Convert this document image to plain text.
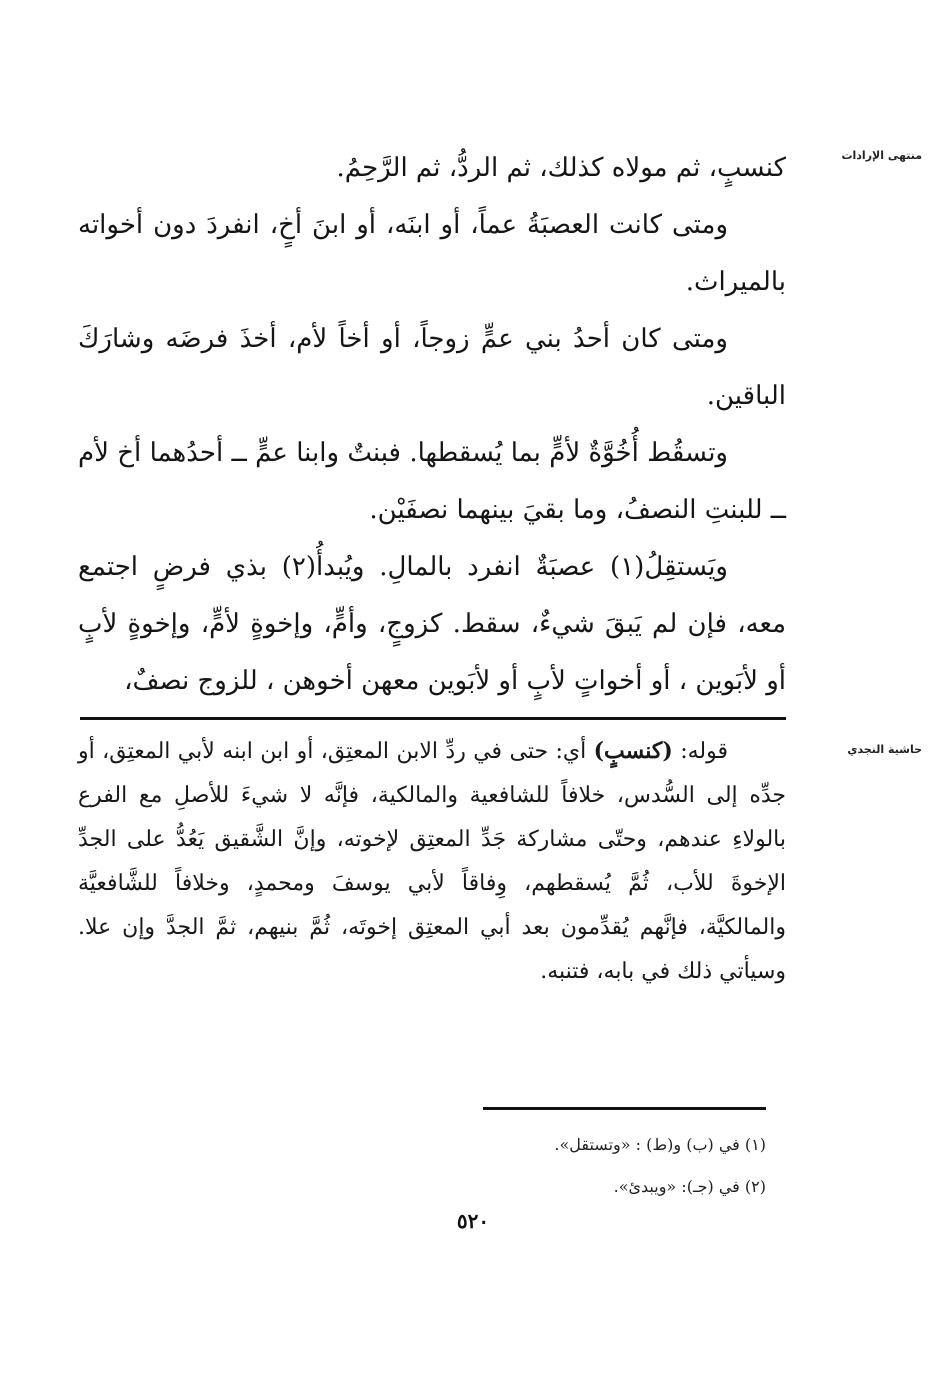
منتهى الإرادات
حاشية النجدي

كنسبٍ، ثم مولاه كذلك، ثم الردُّ، ثم الرَّحِمُ.

ومتى كانت العصبَةُ عماً، أو ابنَه، أو ابنَ أخٍ، انفردَ دون أخواته بالميراث.

ومتى كان أحدُ بني عمٍّ زوجاً، أو أخاً لأم، أخذَ فرضَه وشارَكَ الباقين.

وتسقُط أُخُوَّةٌ لأمٍّ بما يُسقطها. فبنتٌ وابنا عمٍّ ــ أحدُهما أخ لأم ــ للبنتِ النصفُ، وما بقيَ بينهما نصفَيْن.

ويَستقِلُ(١) عصبَةٌ انفرد بالمالِ. ويُبدأُ(٢) بذي فرضٍ اجتمع معه، فإن لم يَبقَ شيءٌ، سقط. كزوجٍ، وأمٍّ، وإخوةٍ لأمٍّ، وإخوةٍ لأبٍ أو لأبَوين ، أو أخواتٍ لأبٍ أو لأبَوين معهن أخوهن ، للزوج نصفٌ،

قوله: (كنسبٍ) أي: حتى في ردِّ الابن المعتِق، أو ابن ابنه لأبي المعتِق، أو جدِّه إلى السُّدس، خلافاً للشافعية والمالكية، فإنَّه لا شيءَ للأصلِ مع الفرع بالولاءِ عندهم، وحتّى مشاركة جَدِّ المعتِق لإخوته، وإنَّ الشَّقيق يَعُدُّ على الجدِّ الإخوةَ للأب، ثُمَّ يُسقطهم، وِفاقاً لأبي يوسفَ ومحمدٍ، وخلافاً للشَّافعيَّة والمالكيَّة، فإنَّهم يُقدِّمون بعد أبي المعتِق إخوتَه، ثُمَّ بنيهم، ثمَّ الجدَّ وإن علا. وسيأتي ذلك في بابه، فتنبه.

(١) في (ب) و(ط) : «وتستقل».
(٢) في (جـ): «ويبدئ».
٥٢٠
